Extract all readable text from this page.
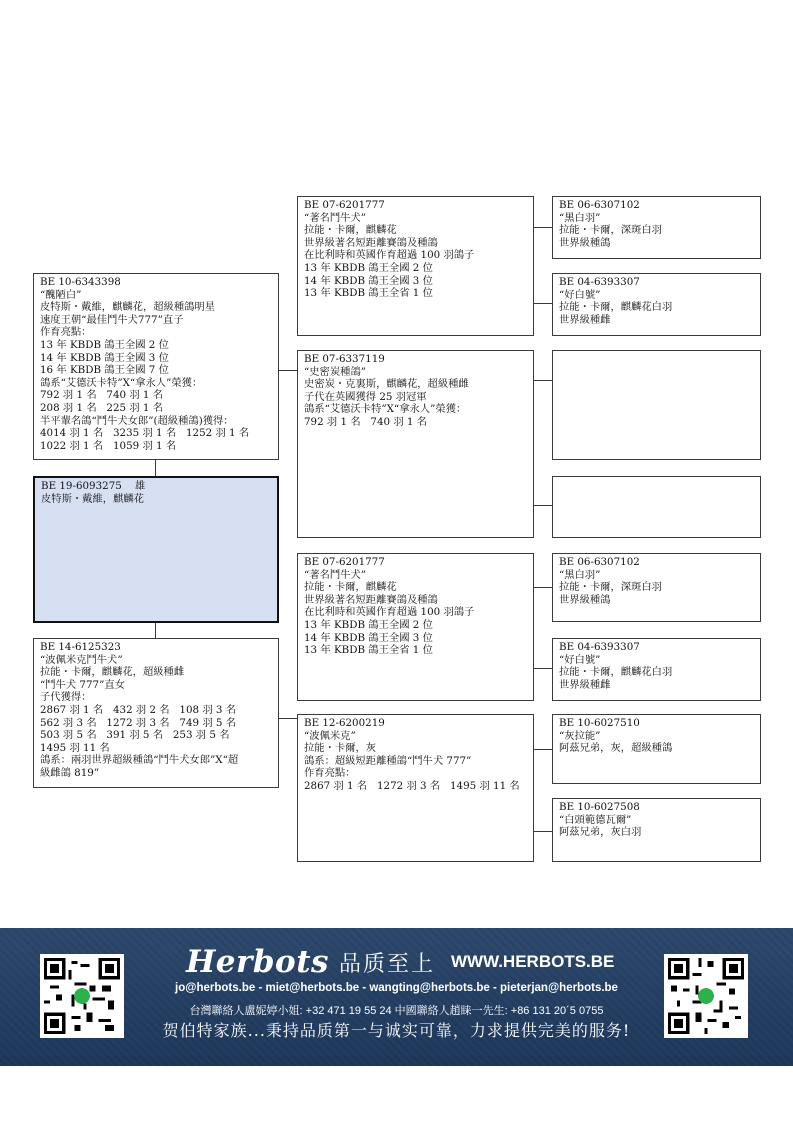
BE 10-6343398
“醜陋白”
皮特斯・戴維，麒麟花，超級種鴿明星
速度王朝“最佳鬥牛犬777”直子
作育亮點：
13 年 KBDB 鴿王全國 2 位
14 年 KBDB 鴿王全國 3 位
16 年 KBDB 鴿王全國 7 位
鴿系“艾德沃卡特”X“拿永人”榮獲：
792 羽 1 名   740 羽 1 名
208 羽 1 名   225 羽 1 名
半平輩名鴿“鬥牛犬女郎”(超級種鴿)獲得：
4014 羽 1 名   3235 羽 1 名   1252 羽 1 名
1022 羽 1 名   1059 羽 1 名
BE 19-6093275    雄
皮特斯・戴維，麒麟花
BE 14-6125323
“波佩米克鬥牛犬”
拉能・卡爾，麒麟花，超級種雌
“鬥牛犬 777”直女
子代獲得：
2867 羽 1 名   432 羽 2 名   108 羽 3 名
562 羽 3 名   1272 羽 3 名   749 羽 5 名
503 羽 5 名   391 羽 5 名   253 羽 5 名
1495 羽 11 名
鴿系：兩羽世界超級種鴿“鬥牛犬女郎”X“超
級雌鴿 819”
BE 07-6201777
“著名鬥牛犬”
拉能・卡爾，麒麟花
世界級著名短距離賽鴿及種鴿
在比利時和英國作育超過 100 羽鴿子
13 年 KBDB 鴿王全國 2 位
14 年 KBDB 鴿王全國 3 位
13 年 KBDB 鴿王全省 1 位
BE 07-6337119
“史密炭種鴿”
史密炭・克裏斯，麒麟花，超級種雌
子代在英國獲得 25 羽冠軍
鴿系“艾德沃卡特”X“拿永人”榮獲：
792 羽 1 名   740 羽 1 名
BE 07-6201777
“著名鬥牛犬”
拉能・卡爾，麒麟花
世界級著名短距離賽鴿及種鴿
在比利時和英國作育超過 100 羽鴿子
13 年 KBDB 鴿王全國 2 位
14 年 KBDB 鴿王全國 3 位
13 年 KBDB 鴿王全省 1 位
BE 12-6200219
“波佩米克”
拉能・卡爾，灰
鴿系：超級短距離種鴿“鬥牛犬 777”
作育亮點：
2867 羽 1 名   1272 羽 3 名   1495 羽 11 名
BE 06-6307102
“黑白羽”
拉能・卡爾，深斑白羽
世界級種鴿
BE 04-6393307
“好白號”
拉能・卡爾，麒麟花白羽
世界級種雌
BE 06-6307102
“黑白羽”
拉能・卡爾，深斑白羽
世界級種鴿
BE 04-6393307
“好白號”
拉能・卡爾，麒麟花白羽
世界級種雌
BE 10-6027510
“灰拉能”
阿茲兄弟，灰，超級種鴿
BE 10-6027508
“白頭範德瓦爾”
阿茲兄弟，灰白羽
Herbots 品质至上 WWW.HERBOTS.BE
jo@herbots.be - miet@herbots.be - wangting@herbots.be - pieterjan@herbots.be
台灣聯絡人盧妮婷小姐: +32 471 19 55 24 中國聯絡人趙睐一先生: +86 131 20´5 0755
贺伯特家族...秉持品质第一与诚实可靠，力求提供完美的服务!
